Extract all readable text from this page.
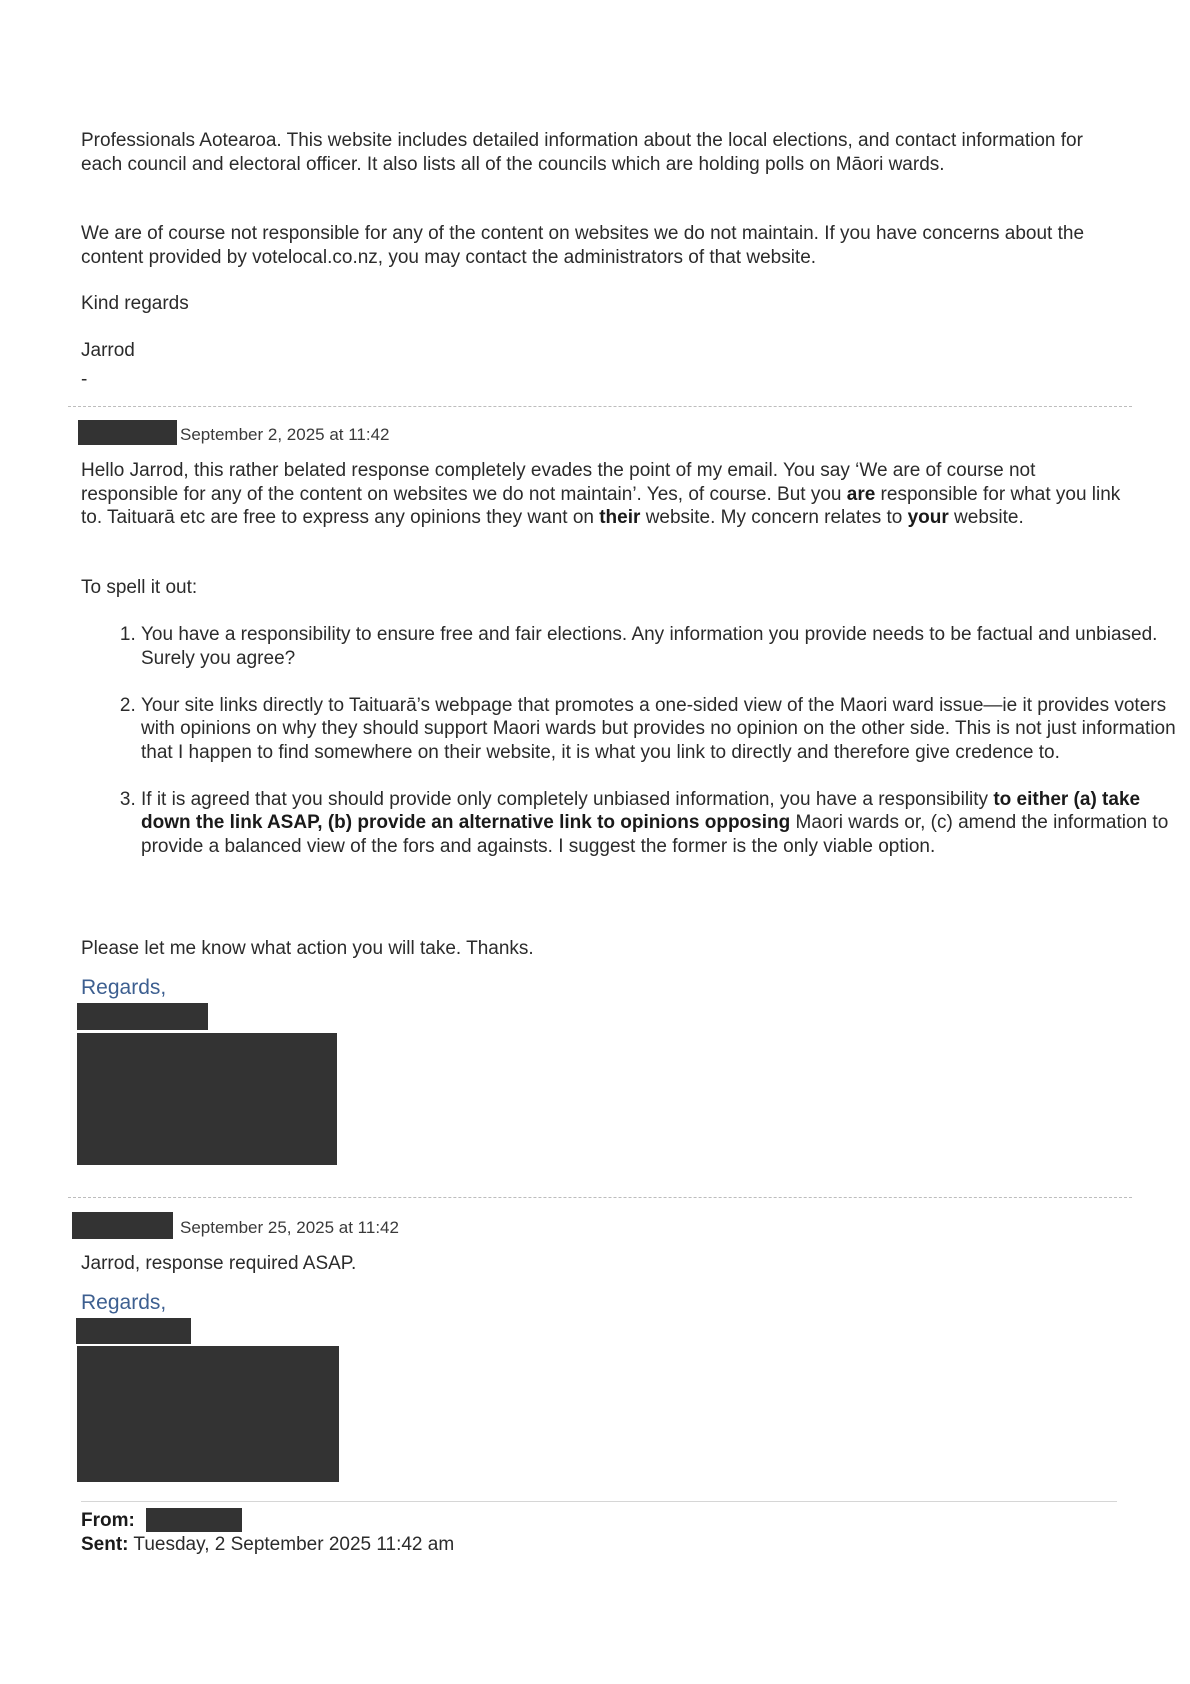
Professionals Aotearoa. This website includes detailed information about the local elections, and contact information for each council and electoral officer. It also lists all of the councils which are holding polls on Māori wards.

We are of course not responsible for any of the content on websites we do not maintain. If you have concerns about the content provided by votelocal.co.nz, you may contact the administrators of that website.

Kind regards

Jarrod

-

September 2, 2025 at 11:42

Hello Jarrod, this rather belated response completely evades the point of my email. You say ‘We are of course not responsible for any of the content on websites we do not maintain’. Yes, of course. But you are responsible for what you link to. Taituarā etc are free to express any opinions they want on their website. My concern relates to your website.

To spell it out:

1. You have a responsibility to ensure free and fair elections. Any information you provide needs to be factual and unbiased. Surely you agree?
2. Your site links directly to Taituarā’s webpage that promotes a one-sided view of the Maori ward issue—ie it provides voters with opinions on why they should support Maori wards but provides no opinion on the other side. This is not just information that I happen to find somewhere on their website, it is what you link to directly and therefore give credence to.
3. If it is agreed that you should provide only completely unbiased information, you have a responsibility to either (a) take down the link ASAP, (b) provide an alternative link to opinions opposing Maori wards or, (c) amend the information to provide a balanced view of the fors and againsts. I suggest the former is the only viable option.

Please let me know what action you will take. Thanks.

Regards,
September 25, 2025 at 11:42

Jarrod, response required ASAP.

Regards,

From:

Sent: Tuesday, 2 September 2025 11:42 am
